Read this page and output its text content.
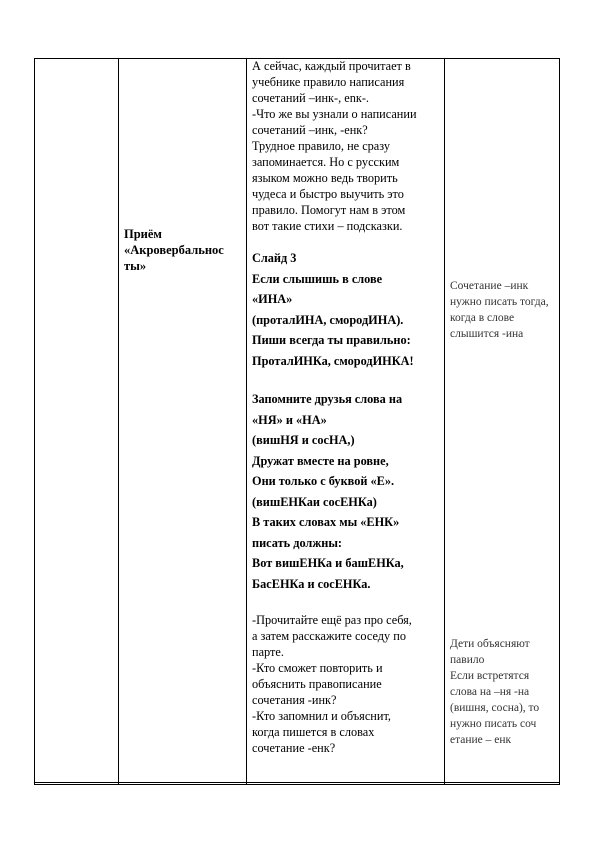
Приём
«Акровербальнос
ты»

А сейчас, каждый прочитает в

учебнике правило написания

сочетаний –инк-, еnк-.

-Что же вы узнали о написании

сочетаний –инк, -енк?

Трудное правило, не сразу

запоминается. Но с русским

языком можно ведь творить

чудеса и быстро выучить это

правило. Помогут нам в этом

вот такие стихи – подсказки.

Слайд 3

Если слышишь в слове

«ИНА»

(проталИНА, смородИНА).

Пиши всегда ты правильно:

ПроталИНКа, смородИНКА!

Запомните друзья слова на

«НЯ» и «НА»

(вишНЯ и сосНА,)

Дружат вместе на ровне,

Они только с буквой «Е».

(вишЕНКаи сосЕНКа)

В таких словах мы «ЕНК»

писать должны:

Вот вишЕНКа и башЕНКа,

БасЕНКа и сосЕНКа.

-Прочитайте ещё раз про себя,

а затем расскажите соседу по

парте.

-Кто сможет повторить и

объяснить правописание

сочетания -инк?

-Кто запомнил и объяснит,

когда пишется в словах

сочетание -енк?

Сочетание –инк
нужно писать тогда,
когда в слове
слышится -ина
Дети объясняют
павило
Если встретятся
слова на –ня -на
(вишня, сосна), то
нужно писать соч
етание – енк
